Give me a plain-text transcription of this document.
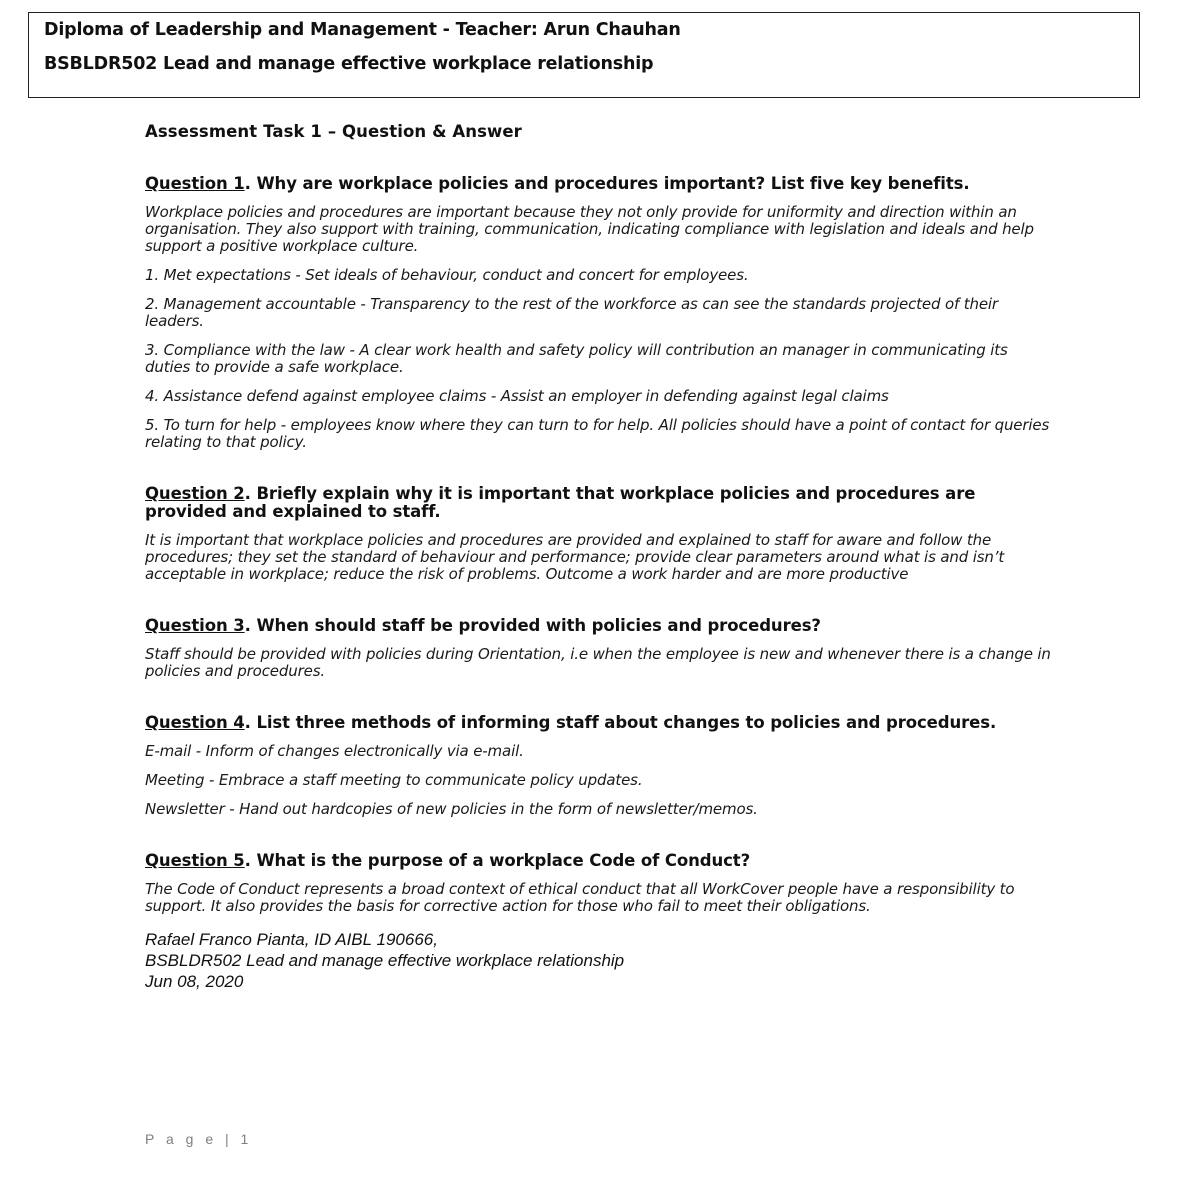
Diploma of Leadership and Management - Teacher: Arun Chauhan
BSBLDR502 Lead and manage effective workplace relationship
Assessment Task 1 – Question & Answer
Question 1. Why are workplace policies and procedures important? List five key benefits.
Workplace policies and procedures are important because they not only provide for uniformity and direction within an organisation. They also support with training, communication, indicating compliance with legislation and ideals and help support a positive workplace culture.
1. Met expectations - Set ideals of behaviour, conduct and concert for employees.
2. Management accountable - Transparency to the rest of the workforce as can see the standards projected of their leaders.
3. Compliance with the law - A clear work health and safety policy will contribution an manager in communicating its duties to provide a safe workplace.
4. Assistance defend against employee claims - Assist an employer in defending against legal claims
5. To turn for help - employees know where they can turn to for help. All policies should have a point of contact for queries relating to that policy.
Question 2. Briefly explain why it is important that workplace policies and procedures are provided and explained to staff.
It is important that workplace policies and procedures are provided and explained to staff for aware and follow the procedures; they set the standard of behaviour and performance; provide clear parameters around what is and isn’t acceptable in workplace; reduce the risk of problems. Outcome a work harder and are more productive
Question 3. When should staff be provided with policies and procedures?
Staff should be provided with policies during Orientation, i.e when the employee is new and whenever there is a change in policies and procedures.
Question 4. List three methods of informing staff about changes to policies and procedures.
E-mail - Inform of changes electronically via e-mail.
Meeting - Embrace a staff meeting to communicate policy updates.
Newsletter - Hand out hardcopies of new policies in the form of newsletter/memos.
Question 5. What is the purpose of a workplace Code of Conduct?
The Code of Conduct represents a broad context of ethical conduct that all WorkCover people have a responsibility to support. It also provides the basis for corrective action for those who fail to meet their obligations.
Rafael Franco Pianta, ID AIBL 190666,
BSBLDR502 Lead and manage effective workplace relationship
Jun 08, 2020
P a g e | 1
